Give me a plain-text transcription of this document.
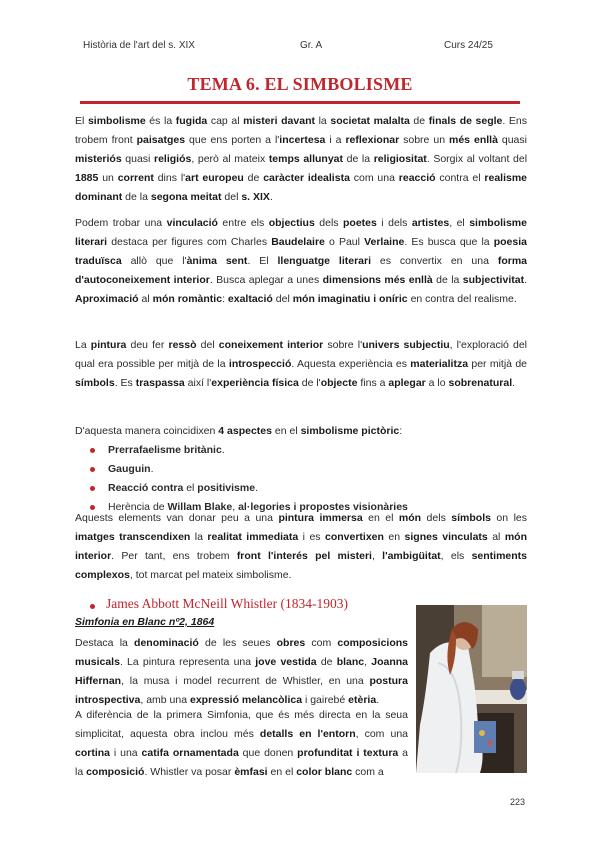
Història de l'art del s. XIX	Gr. A	Curs 24/25
TEMA 6. EL SIMBOLISME

El simbolisme és la fugida cap al misteri davant la societat malalta de finals de segle. Ens trobem front paisatges que ens porten a l'incertesa i a reflexionar sobre un més enllà quasi misteriós quasi religiós, però al mateix temps allunyat de la religiositat. Sorgix al voltant del 1885 un corrent dins l'art europeu de caràcter idealista com una reacció contra el realisme dominant de la segona meitat del s. XIX.

Podem trobar una vinculació entre els objectius dels poetes i dels artistes, el simbolisme literari destaca per figures com Charles Baudelaire o Paul Verlaine. Es busca que la poesia traduïsca allò que l'ànima sent. El llenguatge literari es convertix en una forma d'autoconeixement interior. Busca aplegar a unes dimensions més enllà de la subjectivitat. Aproximació al món romàntic: exaltació del món imaginatiu i oníric en contra del realisme.

La pintura deu fer ressò del coneixement interior sobre l'univers subjectiu, l'exploració del qual era possible per mitjà de la introspecció. Aquesta experiència es materialitza per mitjà de símbols. Es traspassa així l'experiència física de l'objecte fins a aplegar a lo sobrenatural.

D'aquesta manera coincidixen 4 aspectes en el simbolisme pictòric:

Prerrafaelisme britànic.
Gauguin.
Reacció contra el positivisme.
Herència de Willam Blake, al·legories i propostes visionàries

Aquests elements van donar peu a una pintura immersa en el món dels símbols on les imatges transcendixen la realitat immediata i es convertixen en signes vinculats al món interior. Per tant, ens trobem front l'interés pel misteri, l'ambigüitat, els sentiments complexos, tot marcat pel mateix simbolisme.

James Abbott McNeill Whistler (1834-1903)
Simfonia en Blanc nº2, 1864

Destaca la denominació de les seues obres com composicions musicals. La pintura representa una jove vestida de blanc, Joanna Hiffernan, la musa i model recurrent de Whistler, en una postura introspectiva, amb una expressió melancòlica i gairebé etèria.

A diferència de la primera Simfonia, que és més directa en la seua simplicitat, aquesta obra inclou més detalls en l'entorn, com una cortina i una catifa ornamentada que donen profunditat i textura a la composició. Whistler va posar èmfasi en el color blanc com a

223
